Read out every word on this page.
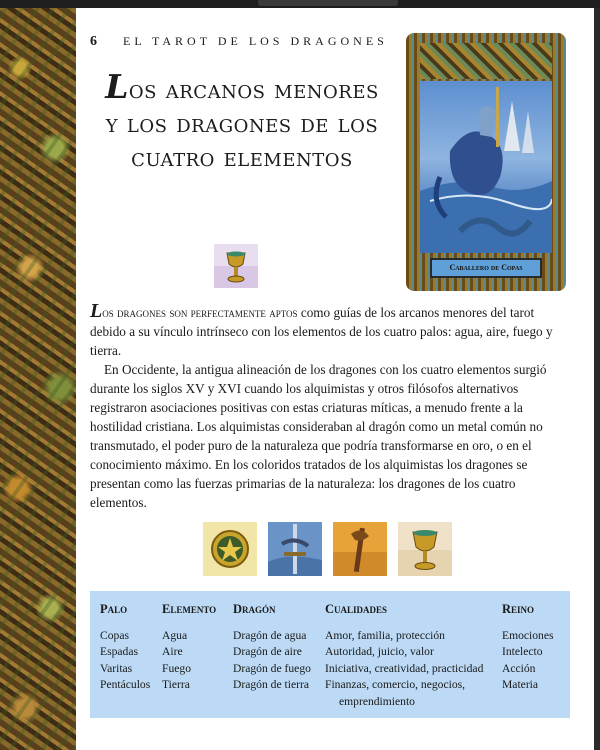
6 EL TAROT DE LOS DRAGONES
Los arcanos menores y los dragones de los cuatro elementos
Caballero de Copas

Los dragones son perfectamente aptos como guías de los arcanos menores del tarot debido a su vínculo intrínseco con los elementos de los cuatro palos: agua, aire, fuego y tierra.

En Occidente, la antigua alineación de los dragones con los cuatro elementos surgió durante los siglos XV y XVI cuando los alquimistas y otros filósofos alternativos registraron asociaciones positivas con estas criaturas míticas, a menudo frente a la hostilidad cristiana. Los alquimistas consideraban al dragón como un metal común no transmutado, el poder puro de la naturaleza que podría transformarse en oro, o en el conocimiento máximo. En los coloridos tratados de los alquimistas los dragones se presentan como las fuerzas primarias de la naturaleza: los dragones de los cuatro elementos.

Palo
Copas
Espadas
Varitas
Pentáculos
Elemento
Agua
Aire
Fuego
Tierra
Dragón
Dragón de agua
Dragón de aire
Dragón de fuego
Dragón de tierra
Cualidades
Amor, familia, protección
Autoridad, juicio, valor
Iniciativa, creatividad, practicidad
Finanzas, comercio, negocios,
emprendimiento
Reino
Emociones
Intelecto
Acción
Materia
